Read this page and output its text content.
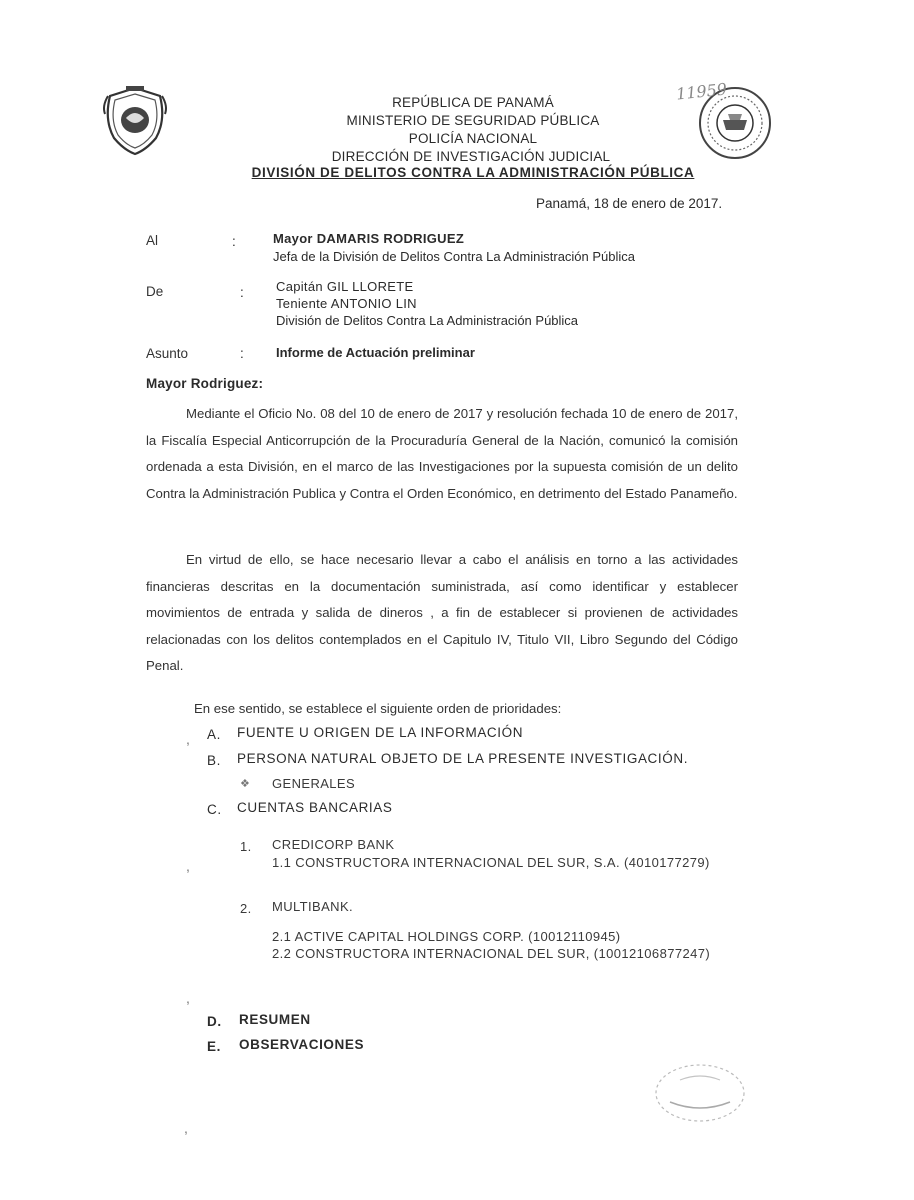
11959
REPÚBLICA DE PANAMÁ
MINISTERIO DE SEGURIDAD PÚBLICA
POLICÍA NACIONAL
DIRECCIÓN DE INVESTIGACIÓN JUDICIAL
DIVISIÓN DE DELITOS CONTRA LA ADMINISTRACIÓN PÚBLICA
Panamá, 18 de enero de 2017.
Al	:	Mayor DAMARIS RODRIGUEZ
Jefa de la División de Delitos Contra La Administración Pública
De	: Capitán GIL LLORETE
Teniente ANTONIO LIN
División de Delitos Contra La Administración Pública
Asunto	: Informe de Actuación preliminar
Mayor Rodriguez:

Mediante el Oficio No. 08 del 10 de enero de 2017 y resolución fechada 10 de enero de 2017, la Fiscalía Especial Anticorrupción de la Procuraduría General de la Nación, comunicó la comisión ordenada a esta División, en el marco de las Investigaciones por la supuesta comisión de un delito Contra la Administración Publica y Contra el Orden Económico, en detrimento del Estado Panameño.

En virtud de ello, se hace necesario llevar a cabo el análisis en torno a las actividades financieras descritas en la documentación suministrada, así como identificar y establecer movimientos de entrada y salida de dineros , a fin de establecer si provienen de actividades relacionadas con los delitos contemplados en el Capitulo IV, Titulo VII, Libro Segundo del Código Penal.

En ese sentido, se establece el siguiente orden de prioridades:
, A. FUENTE U ORIGEN DE LA INFORMACIÓN
B. PERSONA NATURAL OBJETO DE LA PRESENTE INVESTIGACIÓN.
❖ GENERALES
C. CUENTAS BANCARIAS
1. CREDICORP BANK
1.1 CONSTRUCTORA INTERNACIONAL DEL SUR, S.A. (4010177279)
,
2. MULTIBANK.
2.1 ACTIVE CAPITAL HOLDINGS CORP. (10012110945)
2.2 CONSTRUCTORA INTERNACIONAL DEL SUR, (10012106877247)
,
D. RESUMEN
E. OBSERVACIONES
,
